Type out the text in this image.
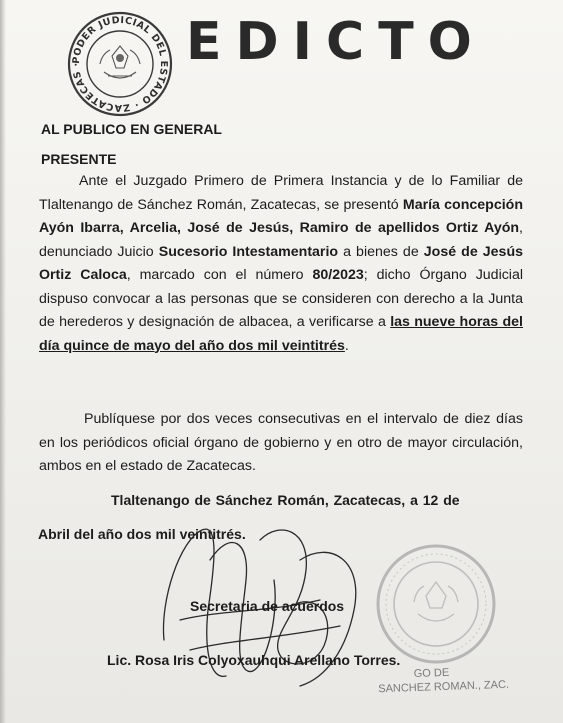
PODER JUDICIAL DEL ESTADO · ZACATECAS ·	EDICTO
AL PUBLICO EN GENERAL
PRESENTE

Ante el Juzgado Primero de Primera Instancia y de lo Familiar de Tlaltenango de Sánchez Román, Zacatecas, se presentó María concepción Ayón Ibarra, Arcelia, José de Jesús, Ramiro de apellidos Ortiz Ayón, denunciado Juicio Sucesorio Intestamentario a bienes de José de Jesús Ortiz Caloca, marcado con el número 80/2023; dicho Órgano Judicial dispuso convocar a las personas que se consideren con derecho a la Junta de herederos y designación de albacea, a verificarse a las nueve horas del día quince de mayo del año dos mil veintitrés.

Publíquese por dos veces consecutivas en el intervalo de diez días en los periódicos oficial órgano de gobierno y en otro de mayor circulación, ambos en el estado de Zacatecas.

Tlaltenango de Sánchez Román, Zacatecas, a 12 de
Abril del año dos mil veintitrés.
GO DE
SANCHEZ ROMAN., ZAC.
Secretaria de acuerdos
Lic. Rosa Iris Colyoxauhqui Arellano Torres.
